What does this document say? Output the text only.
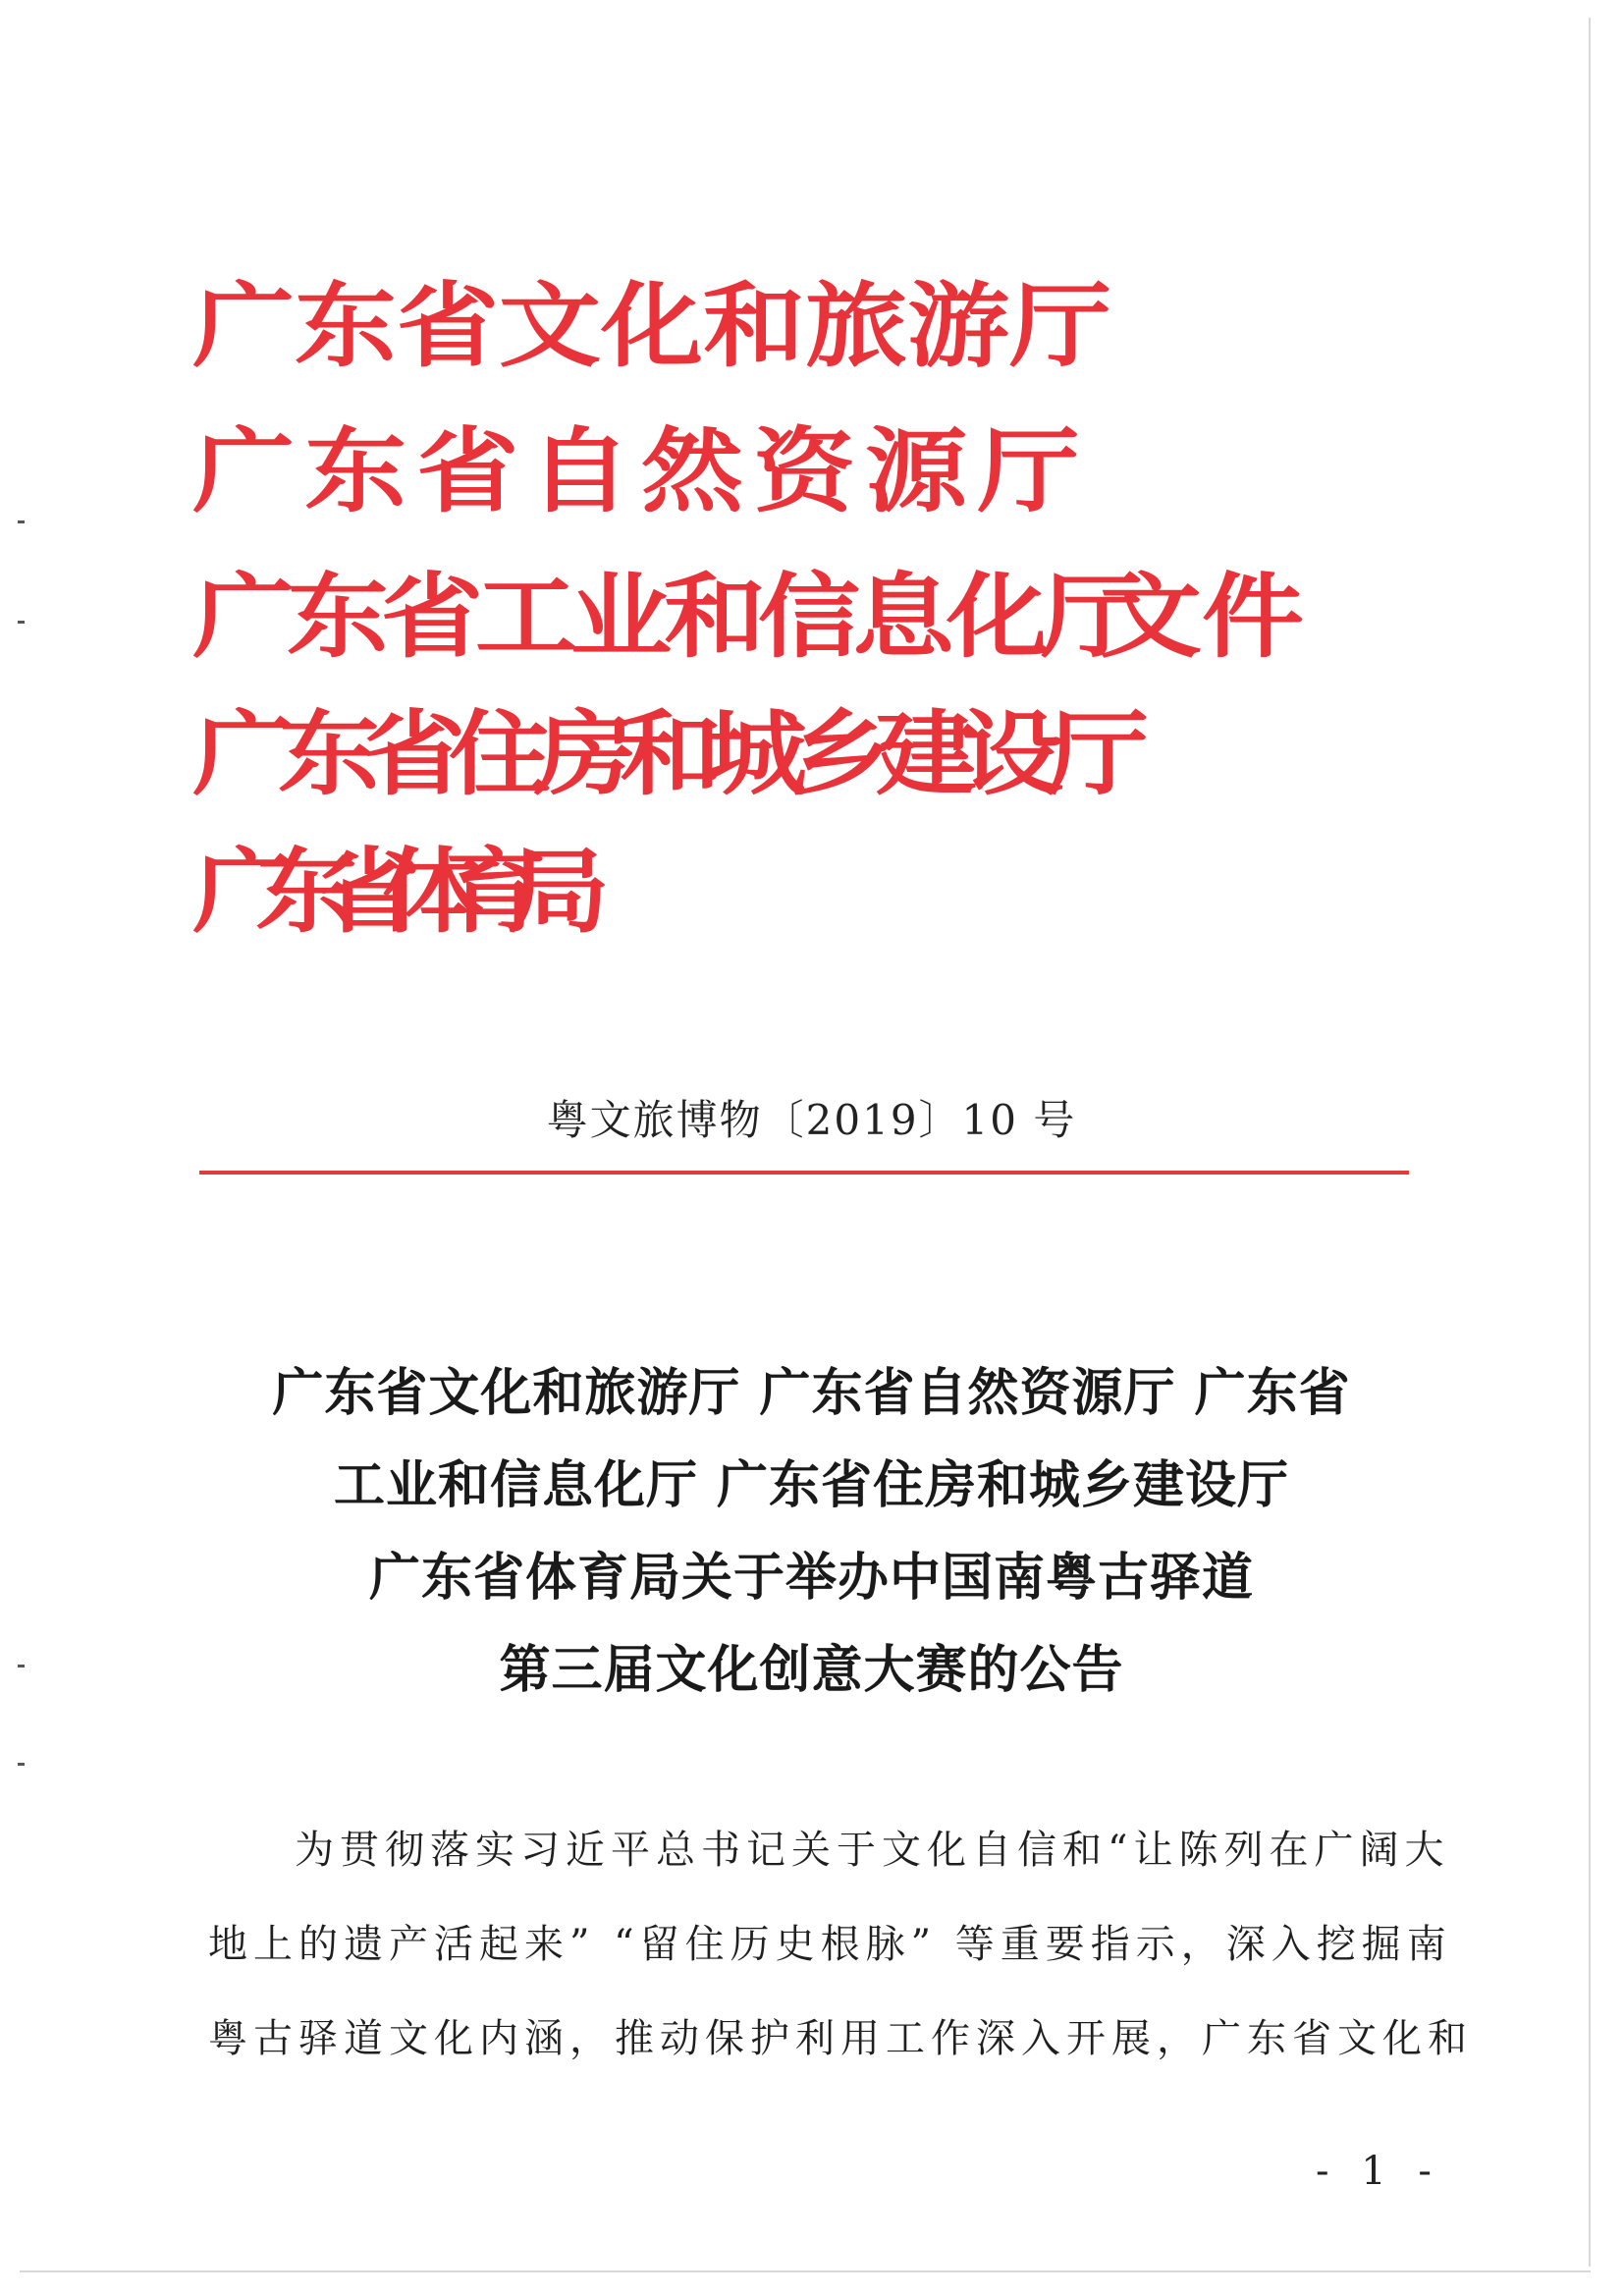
广东省文化和旅游厅
广 东 省 自 然 资 源 厅
广东省工业和信息化厅
广东省住房和城乡建设厅
广 东 省 体 育 局
文件
粤文旅博物〔2019〕10 号
广东省文化和旅游厅 广东省自然资源厅 广东省
工业和信息化厅 广东省住房和城乡建设厅
广东省体育局关于举办中国南粤古驿道
第三届文化创意大赛的公告
为贯彻落实习近平总书记关于文化自信和“让陈列在广阔大
地上的遗产活起来” “留住历史根脉” 等重要指示，深入挖掘南
粤古驿道文化内涵，推动保护利用工作深入开展，广东省文化和
- 1 -
